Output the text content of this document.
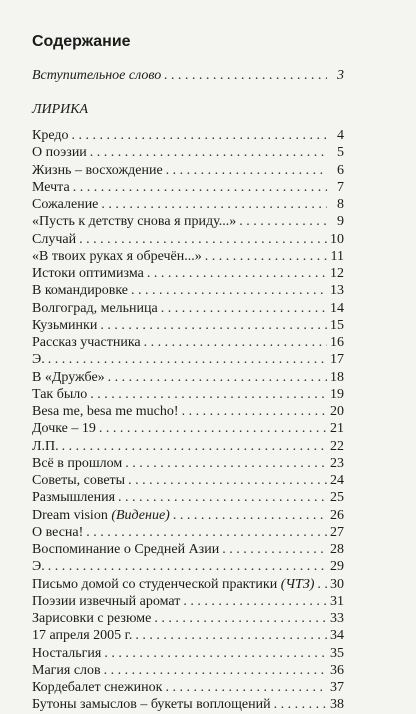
Содержание
Вступительное слово . . .	3
ЛИРИКА
Кредо . . .	4
О поэзии . . .	5
Жизнь – восхождение . . .	6
Мечта . . .	7
Сожаление . . .	8
«Пусть к детству снова я приду...» . . .	9
Случай . . .	10
«В твоих руках я обречён...» . . .	11
Истоки оптимизма . . .	12
В командировке . . .	13
Волгоград, мельница . . .	14
Кузьминки . . .	15
Рассказ участника . . .	16
Э. . . .	17
В «Дружбе» . . .	18
Так было . . .	19
Besa me, besa me mucho! . . .	20
Дочке – 19 . . .	21
Л.П. . . .	22
Всё в прошлом . . .	23
Советы, советы . . .	24
Размышления . . .	25
Dream vision (Видение) . . .	26
О весна! . . .	27
Воспоминание о Средней Азии . . .	28
Э. . . .	29
Письмо домой со студенческой практики (ЧТЗ) . . . 30
Поэзии извечный аромат . . .	31
Зарисовки с резюме . . .	33
17 апреля 2005 г. . . .	34
Ностальгия . . .	35
Магия слов . . .	36
Кордебалет снежинок . . .	37
Бутоны замыслов – букеты воплощений . . .	38
